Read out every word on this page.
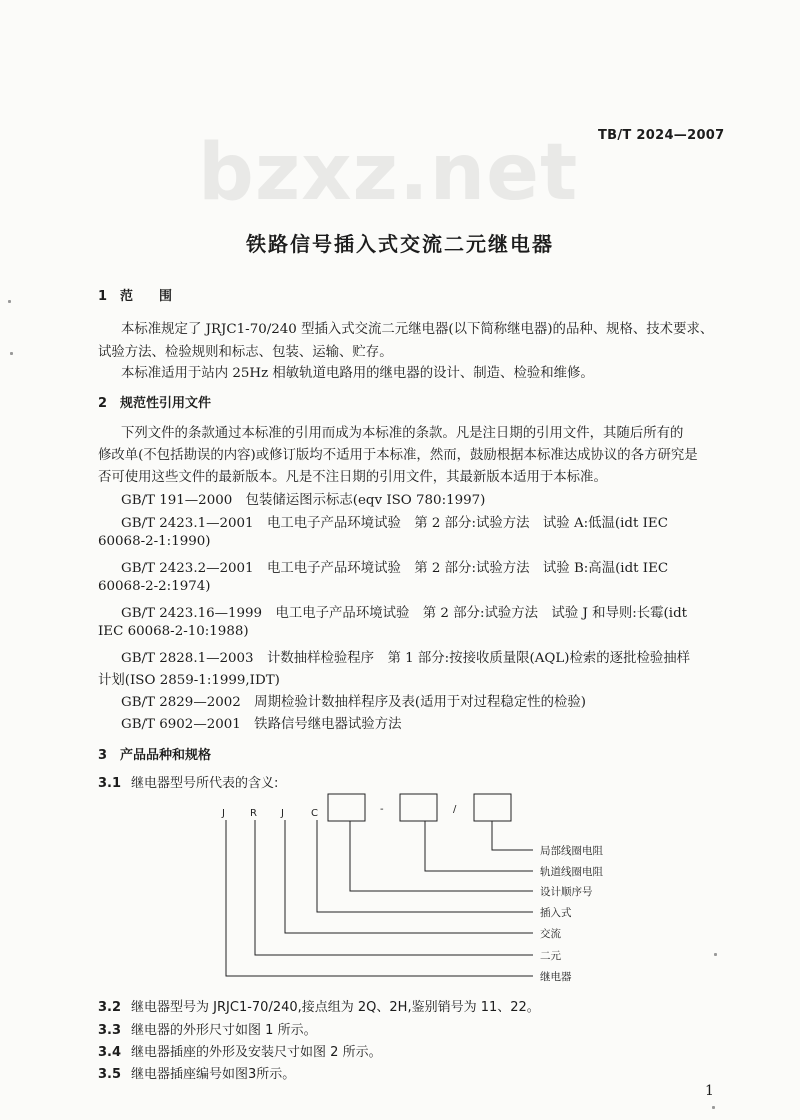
bzxz.net TB/T 2024—2007
铁路信号插入式交流二元继电器
1　范　　围
本标准规定了 JRJC1-70/240 型插入式交流二元继电器(以下简称继电器)的品种、规格、技术要求、
试验方法、检验规则和标志、包装、运输、贮存。
本标准适用于站内 25Hz 相敏轨道电路用的继电器的设计、制造、检验和维修。
2　规范性引用文件
下列文件的条款通过本标准的引用而成为本标准的条款。凡是注日期的引用文件，其随后所有的
修改单(不包括勘误的内容)或修订版均不适用于本标准，然而，鼓励根据本标准达成协议的各方研究是
否可使用这些文件的最新版本。凡是不注日期的引用文件，其最新版本适用于本标准。
GB/T 191—2000　包装储运图示标志(eqv ISO 780:1997)
GB/T 2423.1—2001　电工电子产品环境试验　第 2 部分:试验方法　试验 A:低温(idt IEC
60068-2-1:1990)
GB/T 2423.2—2001　电工电子产品环境试验　第 2 部分:试验方法　试验 B:高温(idt IEC
60068-2-2:1974)
GB/T 2423.16—1999　电工电子产品环境试验　第 2 部分:试验方法　试验 J 和导则:长霉(idt
IEC 60068-2-10:1988)
GB/T 2828.1—2003　计数抽样检验程序　第 1 部分:按接收质量限(AQL)检索的逐批检验抽样
计划(ISO 2859-1:1999,IDT)
GB/T 2829—2002　周期检验计数抽样程序及表(适用于对过程稳定性的检验)
GB/T 6902—2001　铁路信号继电器试验方法
3　产品品种和规格
3.1 继电器型号所代表的含义:
J	R J	C	-	/
局部线圈电阻
轨道线圈电阻
设计顺序号
插入式
交流
二元
继电器
3.2 继电器型号为 JRJC1-70/240,接点组为 2Q、2H,鉴别销号为 11、22。
3.3 继电器的外形尺寸如图 1 所示。
3.4 继电器插座的外形及安装尺寸如图 2 所示。
3.5 继电器插座编号如图3所示。
1
